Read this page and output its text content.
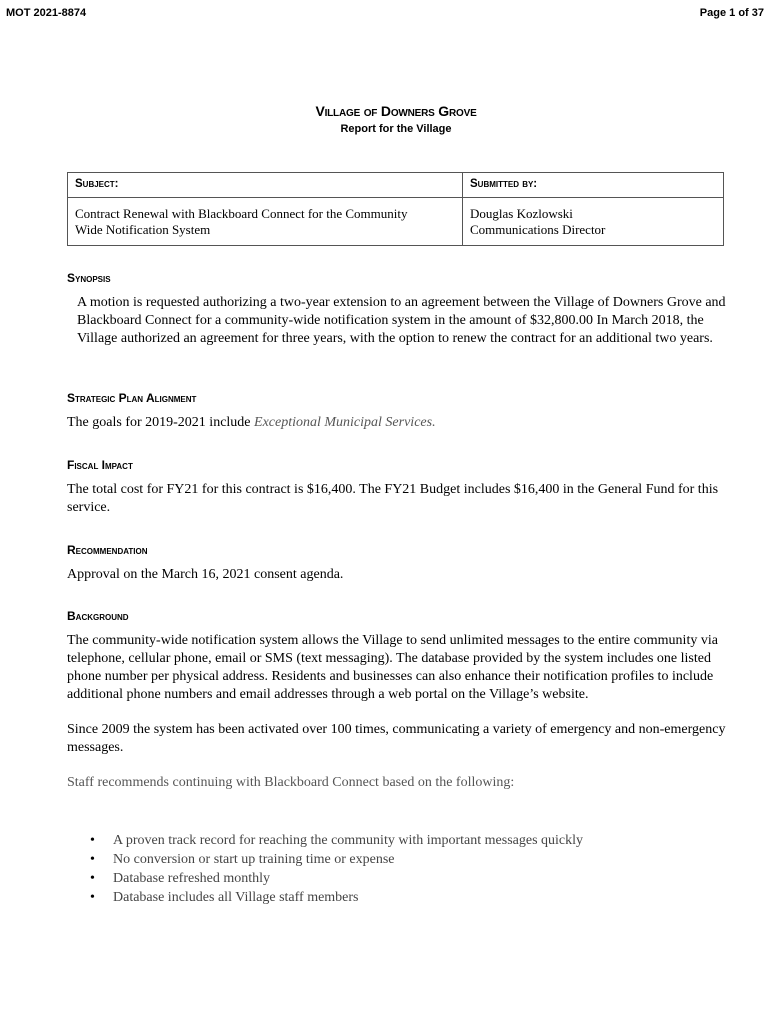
MOT 2021-8874	Page 1 of 37
Village of Downers Grove
Report for the Village
Subject:
Contract Renewal with Blackboard Connect for the Community
Wide Notification System
Submitted by:
Douglas Kozlowski
Communications Director

Synopsis

A motion is requested authorizing a two-year extension to an agreement between the Village of Downers Grove and Blackboard Connect for a community-wide notification system in the amount of $32,800.00 In March 2018, the Village authorized an agreement for three years, with the option to renew the contract for an additional two years.

Strategic Plan Alignment

The goals for 2019-2021 include Exceptional Municipal Services.

Fiscal Impact

The total cost for FY21 for this contract is $16,400. The FY21 Budget includes $16,400 in the General Fund for this service.

Recommendation

Approval on the March 16, 2021 consent agenda.

Background

The community-wide notification system allows the Village to send unlimited messages to the entire community via telephone, cellular phone, email or SMS (text messaging). The database provided by the system includes one listed phone number per physical address. Residents and businesses can also enhance their notification profiles to include additional phone numbers and email addresses through a web portal on the Village’s website.

Since 2009 the system has been activated over 100 times, communicating a variety of emergency and non-emergency messages.

Staff recommends continuing with Blackboard Connect based on the following:

• A proven track record for reaching the community with important messages quickly
• No conversion or start up training time or expense
• Database refreshed monthly
• Database includes all Village staff members
